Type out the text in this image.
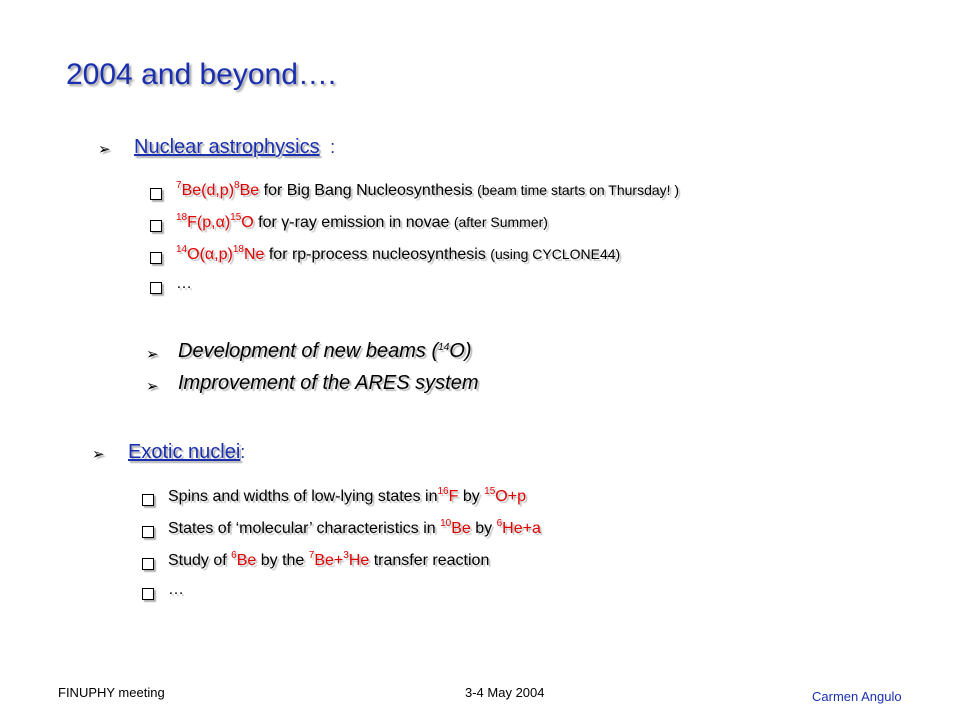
2004 and beyond….
➢ Nuclear astrophysics :
$^7Be(d,p)^8Be$ for Big Bang Nucleosynthesis (beam time starts on Thursday! )
$^{18}F(p,\alpha)^{15}O$ for γ-ray emission in novae (after Summer)
$^{14}O(\alpha,p)^{18}Ne$ for rp-process nucleosynthesis (using CYCLONE44)
…
➢ Development of new beams ($^{14}$O)
➢ Improvement of the ARES system
➢ Exotic nuclei:
Spins and widths of low-lying states $in^{16}F$ by $^{15}$O+p
States of ‘molecular’ characteristics in $^{10}$Be by $^6$He+a
Study of $^6$Be by the $^7$Be+$^3$He transfer reaction
…
FINUPHY meeting	3-4 May 2004	Carmen Angulo
